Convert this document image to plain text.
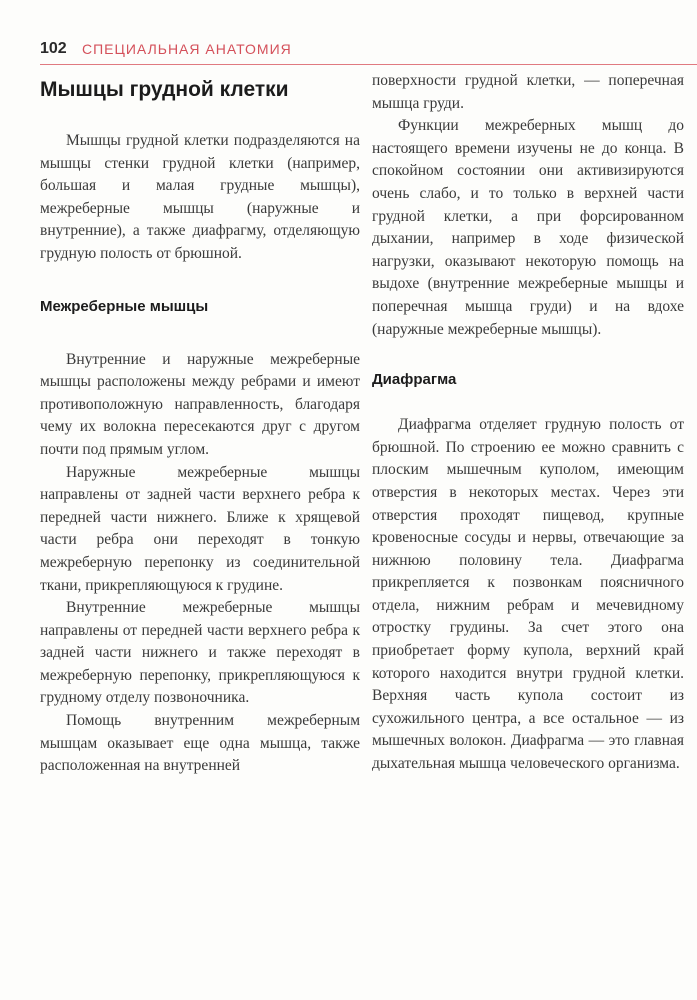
102 СПЕЦИАЛЬНАЯ АНАТОМИЯ
Мышцы грудной клетки

Мышцы грудной клетки подразделяются на мышцы стенки грудной клетки (например, большая и малая грудные мышцы), межреберные мышцы (наружные и внутренние), а также диафрагму, отделяющую грудную полость от брюшной.

Межреберные мышцы

Внутренние и наружные межреберные мышцы расположены между ребрами и имеют противоположную направленность, благодаря чему их волокна пересекаются друг с другом почти под прямым углом.

Наружные межреберные мышцы направлены от задней части верхнего ребра к передней части нижнего. Ближе к хрящевой части ребра они переходят в тонкую межреберную перепонку из соединительной ткани, прикрепляющуюся к грудине.

Внутренние межреберные мышцы направлены от передней части верхнего ребра к задней части нижнего и также переходят в межреберную перепонку, прикрепляющуюся к грудному отделу позвоночника.

Помощь внутренним межреберным мышцам оказывает еще одна мышца, также расположенная на внутренней

поверхности грудной клетки, — поперечная мышца груди.

Функции межреберных мышц до настоящего времени изучены не до конца. В спокойном состоянии они активизируются очень слабо, и то только в верхней части грудной клетки, а при форсированном дыхании, например в ходе физической нагрузки, оказывают некоторую помощь на выдохе (внутренние межреберные мышцы и поперечная мышца груди) и на вдохе (наружные межреберные мышцы).

Диафрагма

Диафрагма отделяет грудную полость от брюшной. По строению ее можно сравнить с плоским мышечным куполом, имеющим отверстия в некоторых местах. Через эти отверстия проходят пищевод, крупные кровеносные сосуды и нервы, отвечающие за нижнюю половину тела. Диафрагма прикрепляется к позвонкам поясничного отдела, нижним ребрам и мечевидному отростку грудины. За счет этого она приобретает форму купола, верхний край которого находится внутри грудной клетки. Верхняя часть купола состоит из сухожильного центра, а все остальное — из мышечных волокон. Диафрагма — это главная дыхательная мышца человеческого организма.
